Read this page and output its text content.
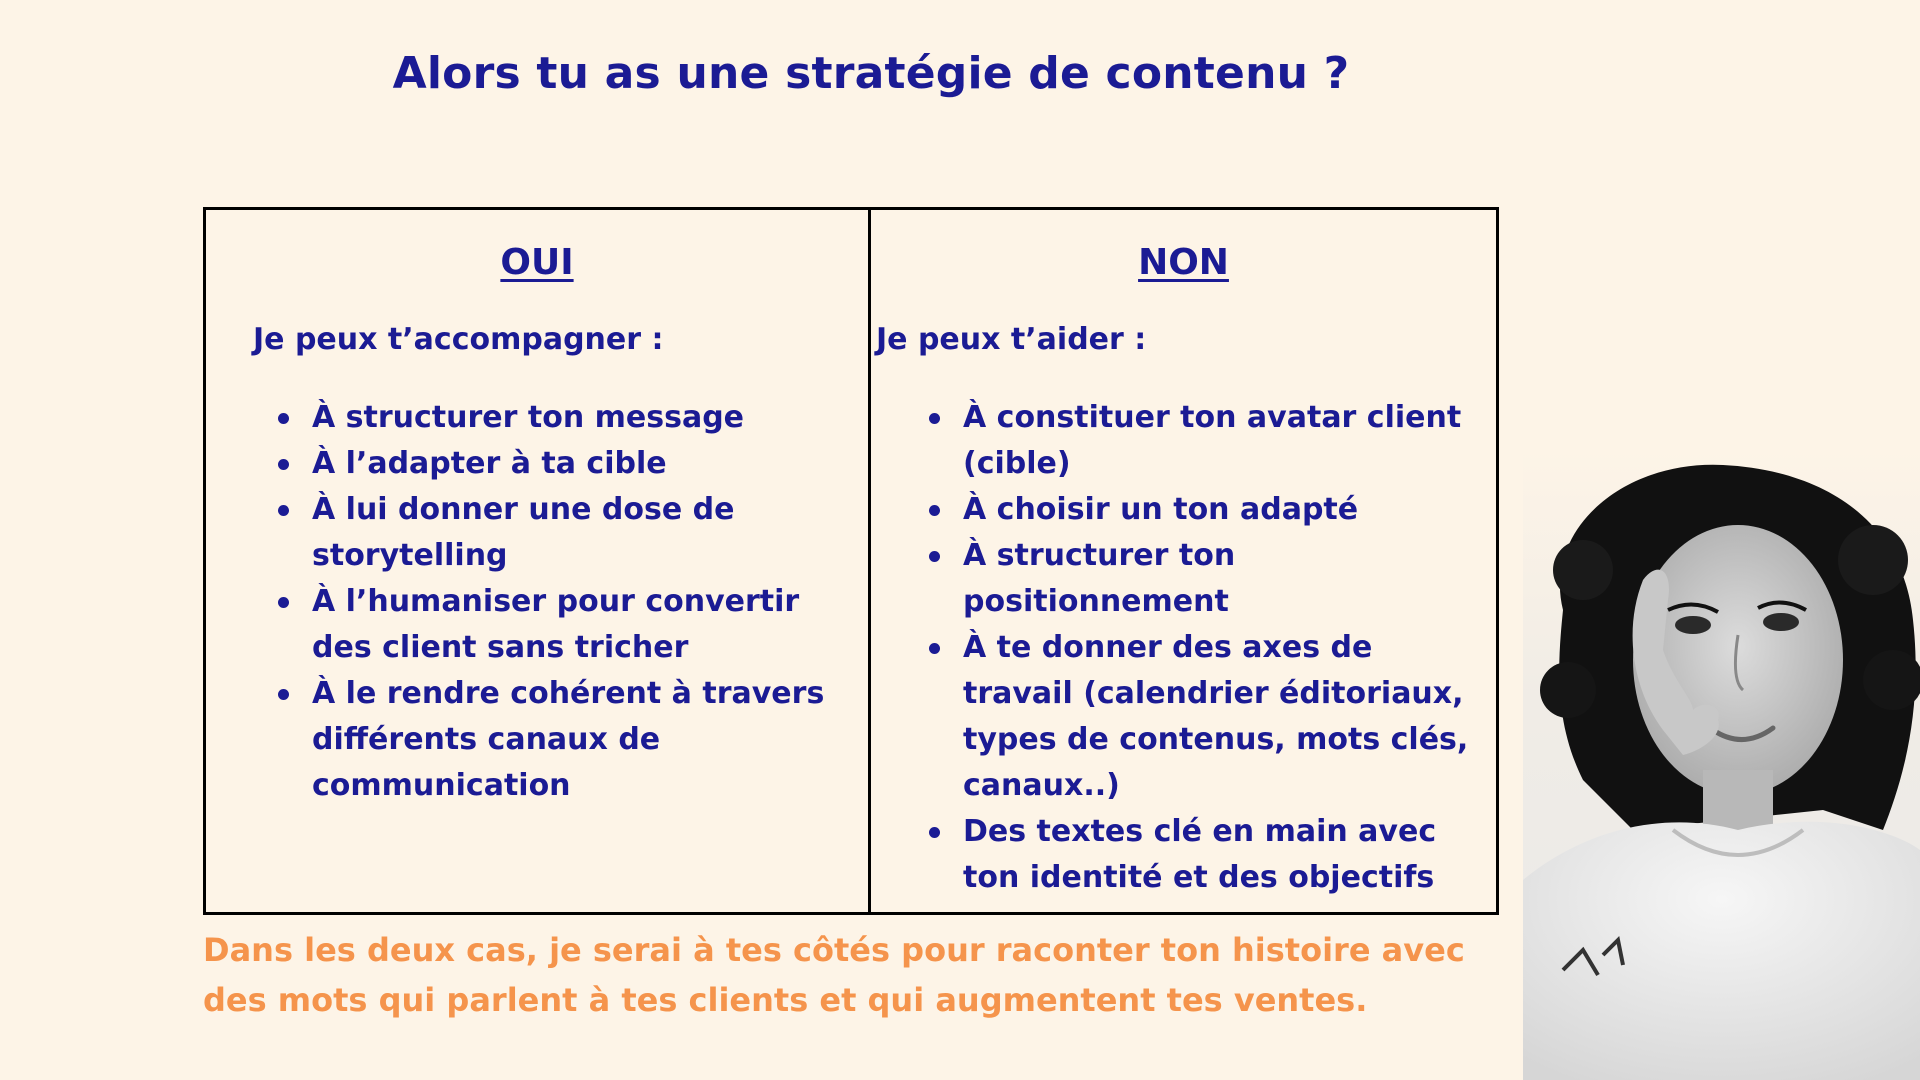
Alors tu as une stratégie de contenu ?
OUI
Je peux t’accompagner :
À structurer ton message
À l’adapter à ta cible
À lui donner une dose de storytelling
À l’humaniser pour convertir des client sans tricher
À le rendre cohérent à travers différents canaux de communication
NON
Je peux t’aider :
À constituer ton avatar client (cible)
À choisir un ton adapté
À structurer ton positionnement
À te donner des axes de travail (calendrier éditoriaux, types de contenus, mots clés, canaux..)
Des textes clé en main avec ton identité et des objectifs
Dans les deux cas, je serai à tes côtés pour raconter ton histoire avec des mots qui parlent à tes clients et qui augmentent tes ventes.
